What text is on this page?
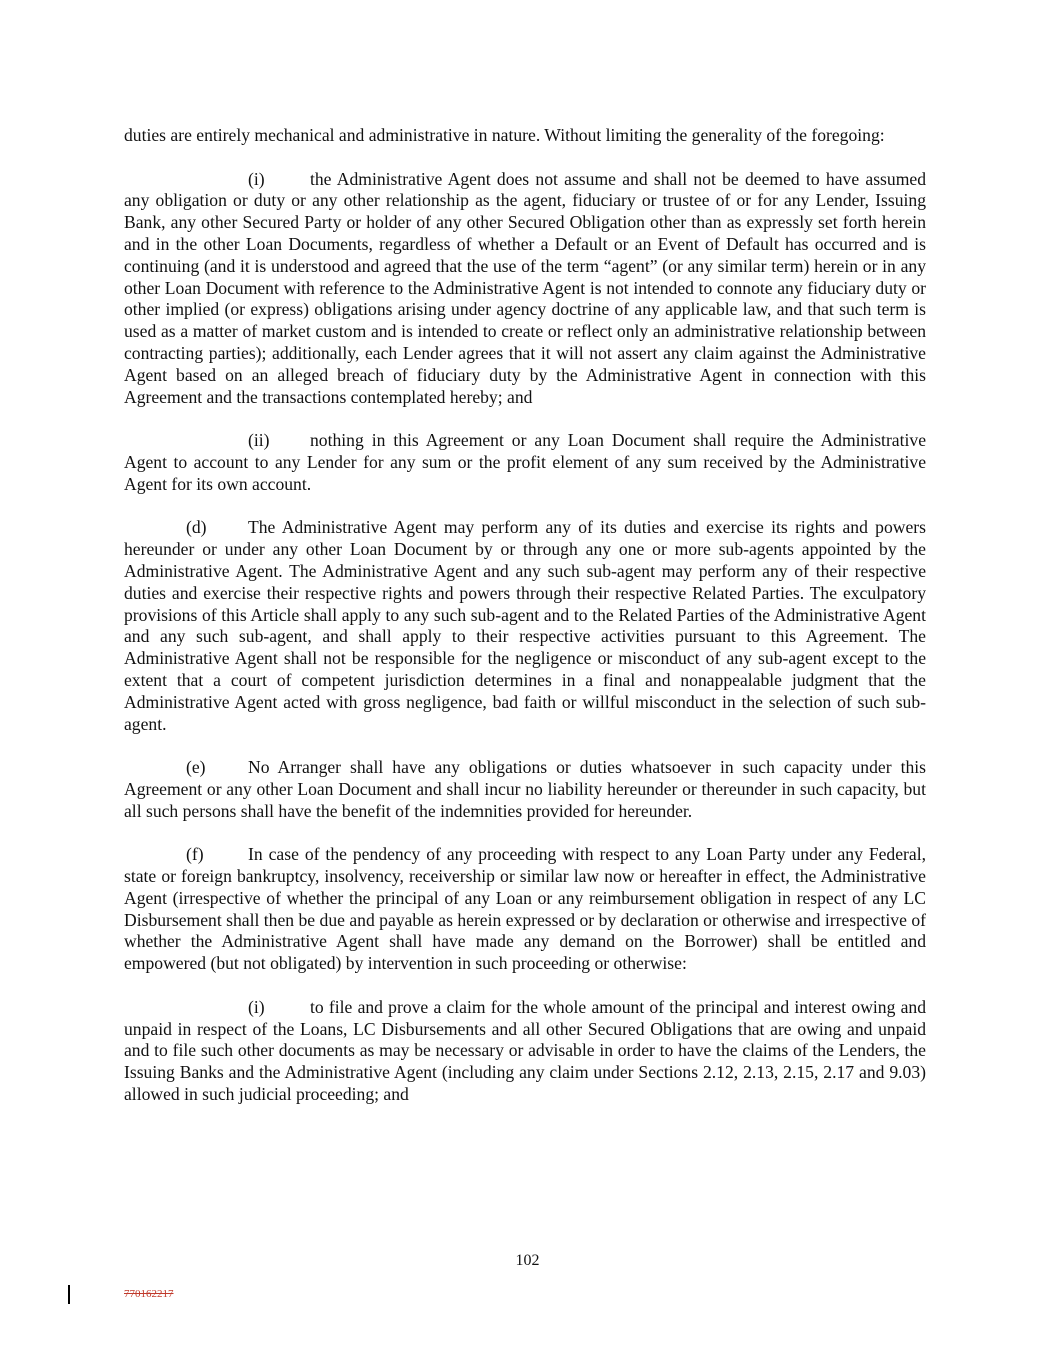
duties are entirely mechanical and administrative in nature. Without limiting the generality of the foregoing:

(i)	the Administrative Agent does not assume and shall not be deemed to have assumed any obligation or duty or any other relationship as the agent, fiduciary or trustee of or for any Lender, Issuing Bank, any other Secured Party or holder of any other Secured Obligation other than as expressly set forth herein and in the other Loan Documents, regardless of whether a Default or an Event of Default has occurred and is continuing (and it is understood and agreed that the use of the term “agent” (or any similar term) herein or in any other Loan Document with reference to the Administrative Agent is not intended to connote any fiduciary duty or other implied (or express) obligations arising under agency doctrine of any applicable law, and that such term is used as a matter of market custom and is intended to create or reflect only an administrative relationship between contracting parties); additionally, each Lender agrees that it will not assert any claim against the Administrative Agent based on an alleged breach of fiduciary duty by the Administrative Agent in connection with this Agreement and the transactions contemplated hereby; and

(ii) nothing in this Agreement or any Loan Document shall require the Administrative Agent to account to any Lender for any sum or the profit element of any sum received by the Administrative Agent for its own account.

(d) The Administrative Agent may perform any of its duties and exercise its rights and powers hereunder or under any other Loan Document by or through any one or more sub-agents appointed by the Administrative Agent. The Administrative Agent and any such sub-agent may perform any of their respective duties and exercise their respective rights and powers through their respective Related Parties. The exculpatory provisions of this Article shall apply to any such sub-agent and to the Related Parties of the Administrative Agent and any such sub-agent, and shall apply to their respective activities pursuant to this Agreement. The Administrative Agent shall not be responsible for the negligence or misconduct of any sub-agent except to the extent that a court of competent jurisdiction determines in a final and nonappealable judgment that the Administrative Agent acted with gross negligence, bad faith or willful misconduct in the selection of such sub-agent.

(e) No Arranger shall have any obligations or duties whatsoever in such capacity under this Agreement or any other Loan Document and shall incur no liability hereunder or thereunder in such capacity, but all such persons shall have the benefit of the indemnities provided for hereunder.

(f)	In case of the pendency of any proceeding with respect to any Loan Party under any Federal, state or foreign bankruptcy, insolvency, receivership or similar law now or hereafter in effect, the Administrative Agent (irrespective of whether the principal of any Loan or any reimbursement obligation in respect of any LC Disbursement shall then be due and payable as herein expressed or by declaration or otherwise and irrespective of whether the Administrative Agent shall have made any demand on the Borrower) shall be entitled and empowered (but not obligated) by intervention in such proceeding or otherwise:

(i)	to file and prove a claim for the whole amount of the principal and interest owing and unpaid in respect of the Loans, LC Disbursements and all other Secured Obligations that are owing and unpaid and to file such other documents as may be necessary or advisable in order to have the claims of the Lenders, the Issuing Banks and the Administrative Agent (including any claim under Sections 2.12, 2.13, 2.15, 2.17 and 9.03) allowed in such judicial proceeding; and

102
770162217
